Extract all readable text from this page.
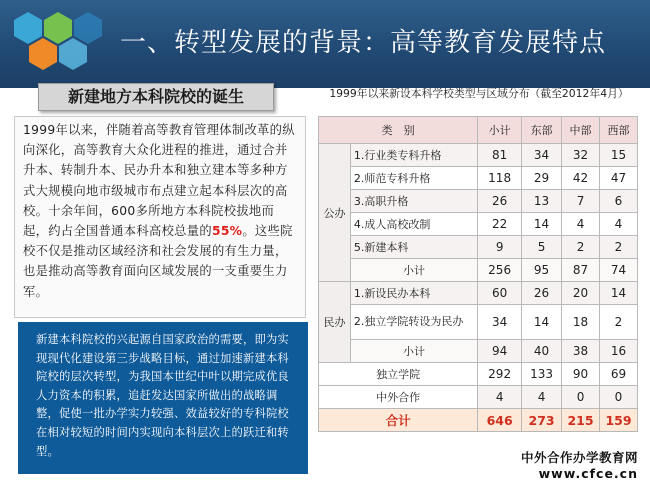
一、转型发展的背景：高等教育发展特点
新建地方本科院校的诞生
1999年以来，伴随着高等教育管理体制改革的纵向深化，高等教育大众化进程的推进，通过合并升本、转制升本、民办升本和独立建本等多种方式大规模向地市级城市布点建立起本科层次的高校。十余年间，600多所地方本科院校拔地而起，约占全国普通本科高校总量的55%。这些院校不仅是推动区域经济和社会发展的有生力量，也是推动高等教育面向区域发展的一支重要生力军。
新建本科院校的兴起源自国家政治的需要，即为实现现代化建设第三步战略目标，通过加速新建本科院校的层次转型，为我国本世纪中叶以期完成优良人力资本的积累，追赶发达国家所做出的战略调整，促使一批办学实力较强、效益较好的专科院校在相对较短的时间内实现向本科层次上的跃迁和转型。
1999年以来新设本科学校类型与区域分布（截至2012年4月）
类　别		小计	东部	中部	西部
公办	1.行业类专科升格	81	34	32	15
	2.师范专科升格	118	29	42	47
	3.高职升格	26	13	7	6
	4.成人高校改制	22	14	4	4
	5.新建本科	9	5	2	2
	小计	256	95	87	74
民办	1.新设民办本科	60	26	20	14
	2.独立学院转设为民办	34	14	18	2
	小计	94	40	38	16
独立学院		292	133	90	69
中外合作		4	4	0	0
合计		646	273	215	159
中外合作办学教育网
www.cfce.cn
